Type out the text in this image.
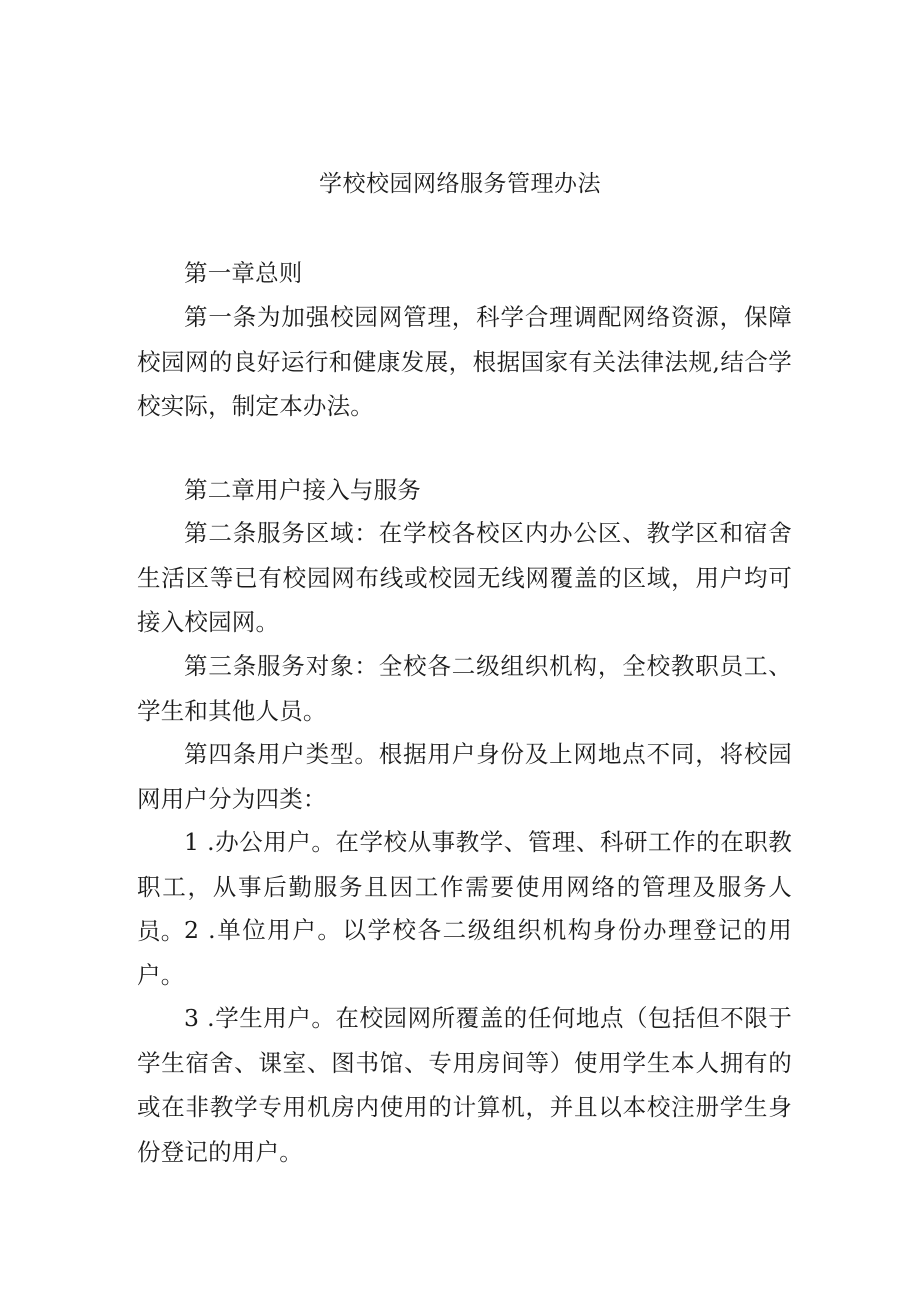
学校校园网络服务管理办法

第一章总则

第一条为加强校园网管理，科学合理调配网络资源，保障校园网的良好运行和健康发展，根据国家有关法律法规,结合学校实际，制定本办法。

第二章用户接入与服务

第二条服务区域：在学校各校区内办公区、教学区和宿舍生活区等已有校园网布线或校园无线网覆盖的区域，用户均可接入校园网。

第三条服务对象：全校各二级组织机构，全校教职员工、学生和其他人员。

第四条用户类型。根据用户身份及上网地点不同，将校园网用户分为四类：

1 .办公用户。在学校从事教学、管理、科研工作的在职教职工，从事后勤服务且因工作需要使用网络的管理及服务人员。 2 .单位用户。以学校各二级组织机构身份办理登记的用户。

3 .学生用户。在校园网所覆盖的任何地点（包括但不限于学生宿舍、课室、图书馆、专用房间等）使用学生本人拥有的或在非教学专用机房内使用的计算机，并且以本校注册学生身份登记的用户。
